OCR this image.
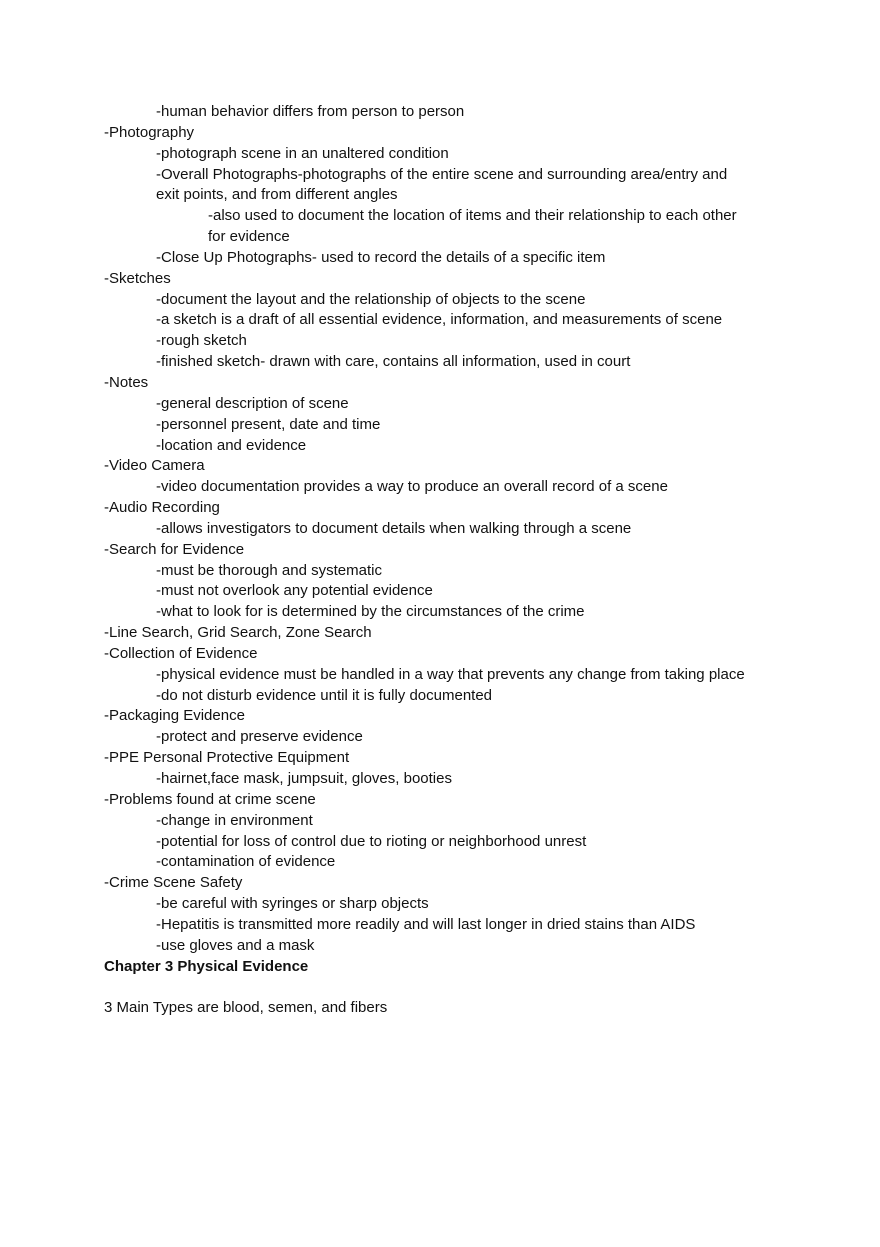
-human behavior differs from person to person
-Photography
-photograph scene in an unaltered condition
-Overall Photographs-photographs of the entire scene and surrounding area/entry and
exit points, and from different angles
-also used to document the location of items and their relationship to each other
for evidence
-Close Up Photographs- used to record the details of a specific item
-Sketches
-document the layout and the relationship of objects to the scene
-a sketch is a draft of all essential evidence, information, and measurements of scene
-rough sketch
-finished sketch- drawn with care, contains all information, used in court
-Notes
-general description of scene
-personnel present, date and time
-location and evidence
-Video Camera
-video documentation provides a way to produce an overall record of a scene
-Audio Recording
-allows investigators to document details when walking through a scene
-Search for Evidence
-must be thorough and systematic
-must not overlook any potential evidence
-what to look for is determined by the circumstances of the crime
-Line Search, Grid Search, Zone Search
-Collection of Evidence
-physical evidence must be handled in a way that prevents any change from taking place
-do not disturb evidence until it is fully documented
-Packaging Evidence
-protect and preserve evidence
-PPE Personal Protective Equipment
-hairnet,face mask, jumpsuit, gloves, booties
-Problems found at crime scene
-change in environment
-potential for loss of control due to rioting or neighborhood unrest
-contamination of evidence
-Crime Scene Safety
-be careful with syringes or sharp objects
-Hepatitis is transmitted more readily and will last longer in dried stains than AIDS
-use gloves and a mask
Chapter 3 Physical Evidence
3 Main Types are blood, semen, and fibers
